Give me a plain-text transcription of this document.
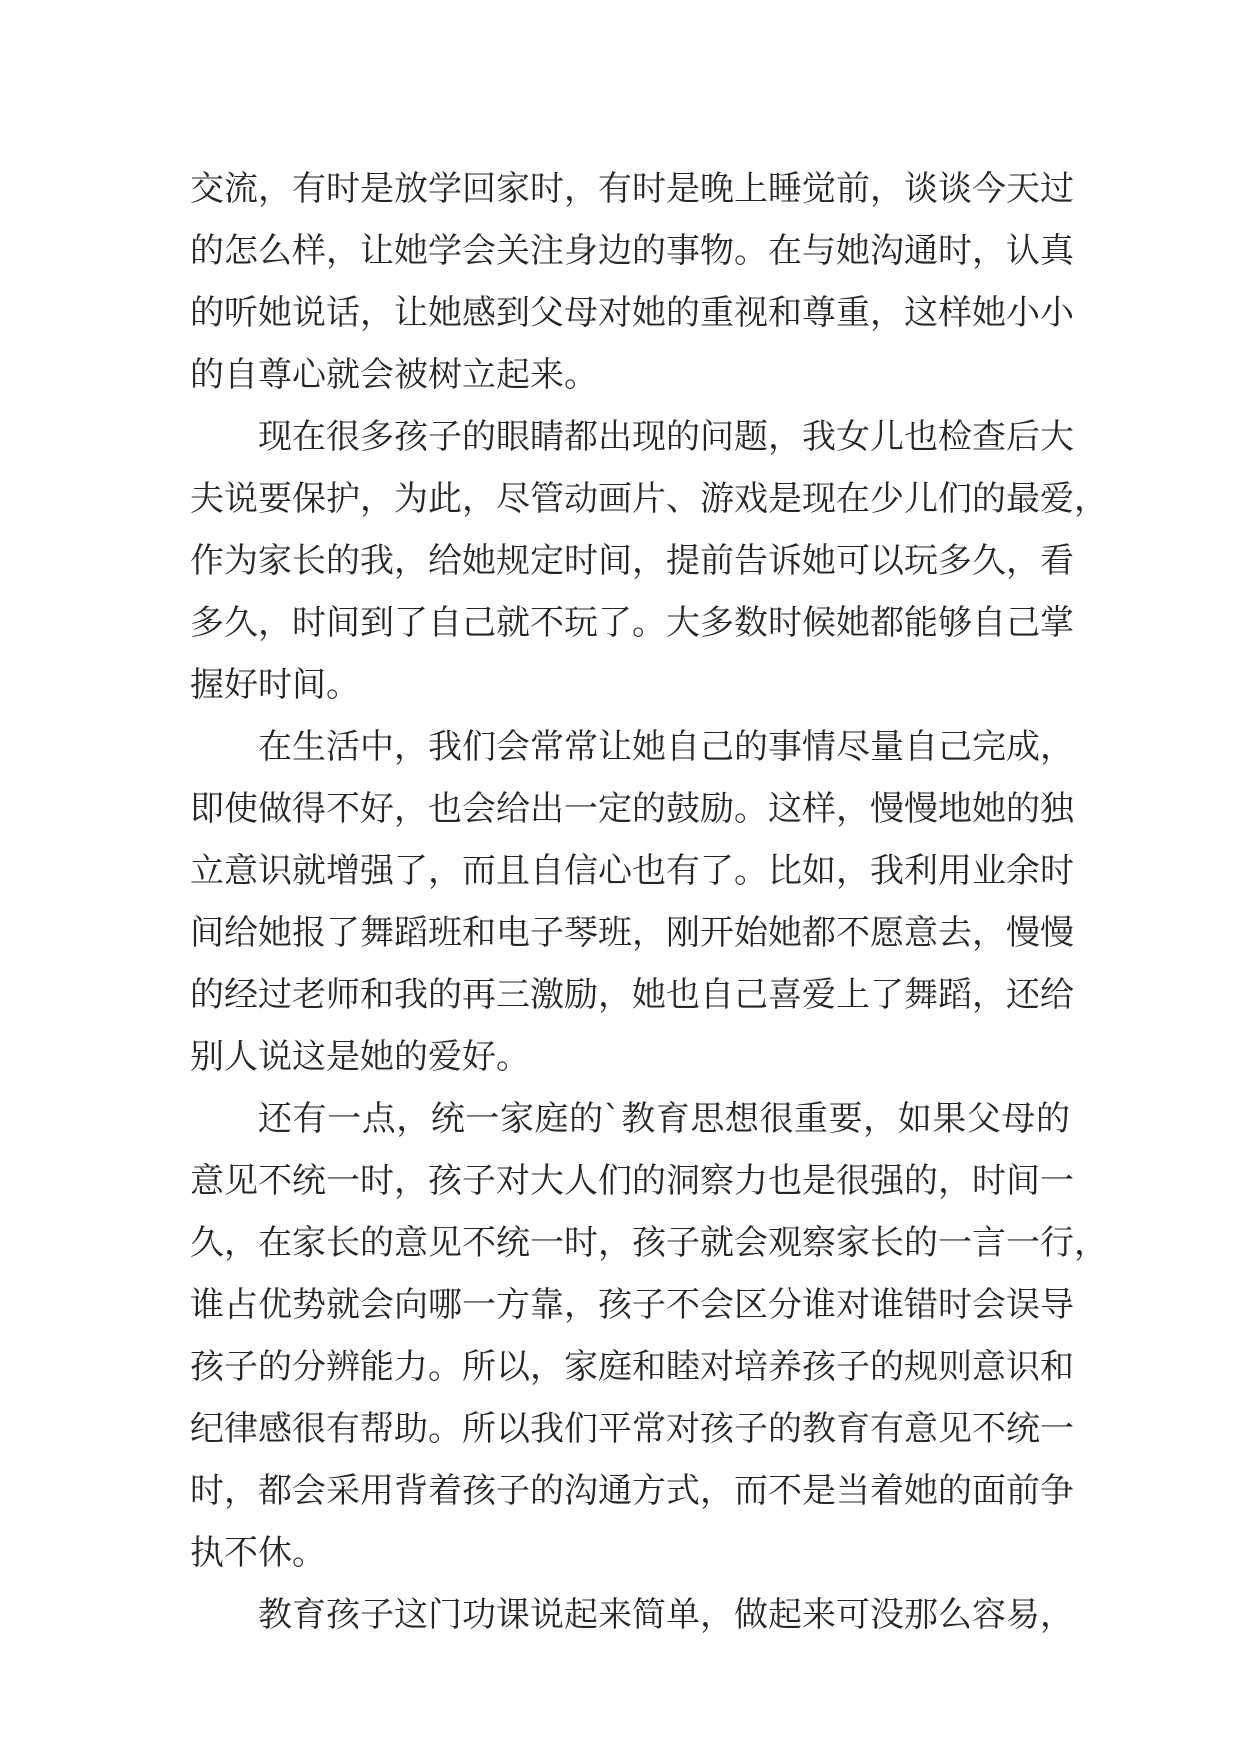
交流，有时是放学回家时，有时是晚上睡觉前，谈谈今天过
的怎么样，让她学会关注身边的事物。在与她沟通时，认真
的听她说话，让她感到父母对她的重视和尊重，这样她小小
的自尊心就会被树立起来。
现在很多孩子的眼睛都出现的问题，我女儿也检查后大
夫说要保护，为此，尽管动画片、游戏是现在少儿们的最爱，
作为家长的我，给她规定时间，提前告诉她可以玩多久，看
多久，时间到了自己就不玩了。大多数时候她都能够自己掌
握好时间。
在生活中，我们会常常让她自己的事情尽量自己完成，
即使做得不好，也会给出一定的鼓励。这样，慢慢地她的独
立意识就增强了，而且自信心也有了。比如，我利用业余时
间给她报了舞蹈班和电子琴班，刚开始她都不愿意去，慢慢
的经过老师和我的再三激励，她也自己喜爱上了舞蹈，还给
别人说这是她的爱好。
还有一点，统一家庭的`教育思想很重要，如果父母的
意见不统一时，孩子对大人们的洞察力也是很强的，时间一
久，在家长的意见不统一时，孩子就会观察家长的一言一行，
谁占优势就会向哪一方靠，孩子不会区分谁对谁错时会误导
孩子的分辨能力。所以，家庭和睦对培养孩子的规则意识和
纪律感很有帮助。所以我们平常对孩子的教育有意见不统一
时，都会采用背着孩子的沟通方式，而不是当着她的面前争
执不休。
教育孩子这门功课说起来简单，做起来可没那么容易，
